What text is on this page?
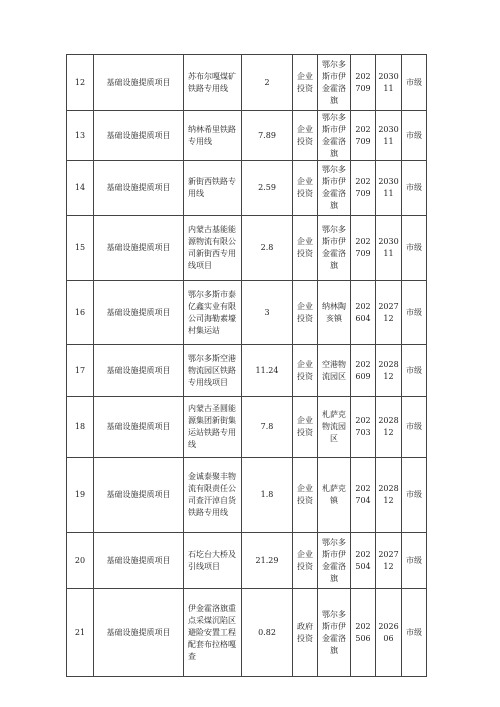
12	基础设施提质项目	苏布尔嘎煤矿铁路专用线	2	企业投资	鄂尔多斯市伊金霍洛旗	202709	203011	市级
13	基础设施提质项目	纳林希里铁路专用线	7.89	企业投资	鄂尔多斯市伊金霍洛旗	202709	203011	市级
14	基础设施提质项目	新街西铁路专用线	2.59	企业投资	鄂尔多斯市伊金霍洛旗	202709	203011	市级
15	基础设施提质项目	内蒙古基能能源物流有限公司新街西专用线项目	2.8	企业投资	鄂尔多斯市伊金霍洛旗	202709	203011	市级
16	基础设施提质项目	鄂尔多斯市泰亿鑫实业有限公司海勒素壕村集运站	3	企业投资	纳林陶亥镇	202604	202712	市级
17	基础设施提质项目	鄂尔多斯空港物流园区铁路专用线项目	11.24	企业投资	空港物流园区	202609	202812	市级
18	基础设施提质项目	内蒙古圣圆能源集团新街集运站铁路专用线	7.8	企业投资	札萨克物流园区	202703	202812	市级
19	基础设施提质项目	金诚泰聚丰物流有限责任公司查汗淖自货铁路专用线	1.8	企业投资	札萨克镇	202704	202812	市级
20	基础设施提质项目	石圪台大桥及引线项目	21.29	企业投资	鄂尔多斯市伊金霍洛旗	202504	202712	市级
21	基础设施提质项目	伊金霍洛旗重点采煤沉陷区避险安置工程配套布拉格嘎查	0.82	政府投资	鄂尔多斯市伊金霍洛旗	202506	202606	市级
